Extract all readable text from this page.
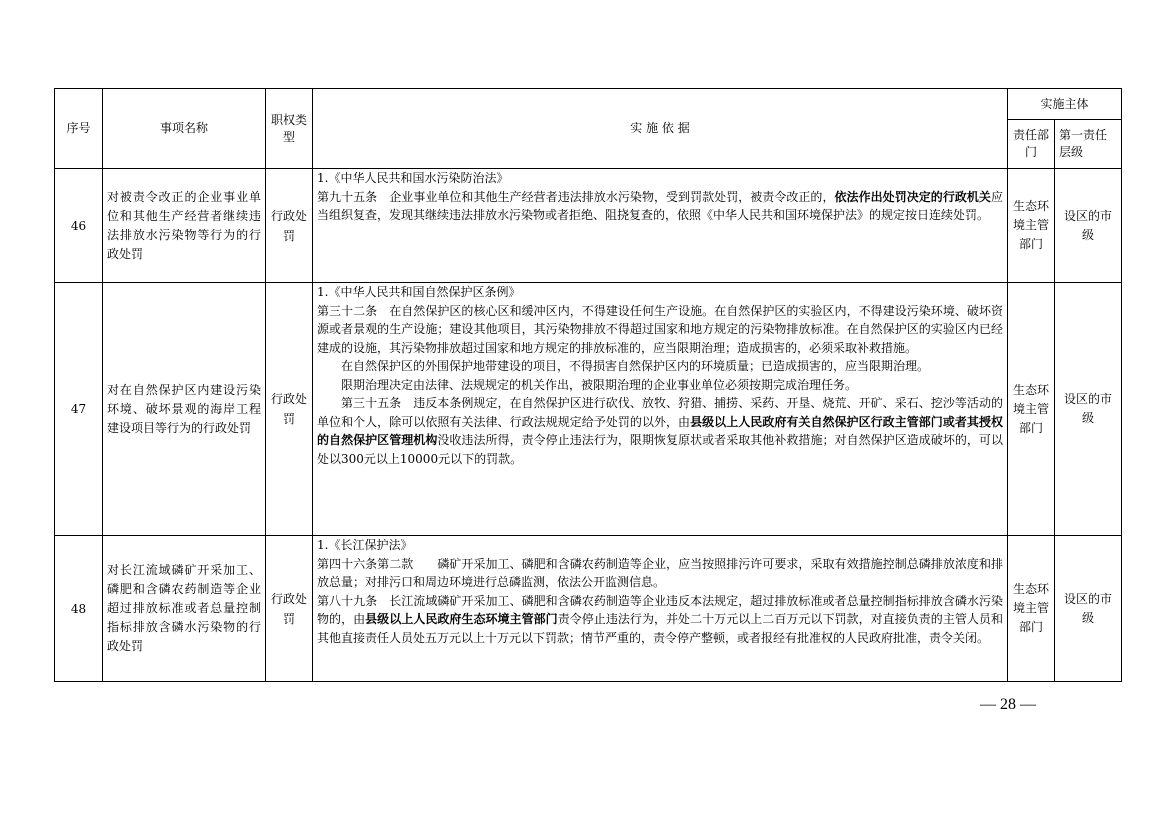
序号	事项名称	职权类型	实 施 依 据	实施主体	
				责任部门	第一责任层级
46	对被责令改正的企业事业单位和其他生产经营者继续违法排放水污染物等行为的行政处罚	行政处罚	1.《中华人民共和国水污染防治法》

第九十五条　企业事业单位和其他生产经营者违法排放水污染物，受到罚款处罚，被责令改正的，依法作出处罚决定的行政机关应当组织复查，发现其继续违法排放水污染物或者拒绝、阻挠复查的，依照《中华人民共和国环境保护法》的规定按日连续处罚。	生态环境主管部门	设区的市级
47	对在自然保护区内建设污染环境、破坏景观的海岸工程建设项目等行为的行政处罚	行政处罚	1.《中华人民共和国自然保护区条例》

第三十二条　在自然保护区的核心区和缓冲区内，不得建设任何生产设施。在自然保护区的实验区内，不得建设污染环境、破坏资源或者景观的生产设施；建设其他项目，其污染物排放不得超过国家和地方规定的污染物排放标准。在自然保护区的实验区内已经建成的设施，其污染物排放超过国家和地方规定的排放标准的，应当限期治理；造成损害的，必须采取补救措施。

在自然保护区的外围保护地带建设的项目，不得损害自然保护区内的环境质量；已造成损害的，应当限期治理。

限期治理决定由法律、法规规定的机关作出，被限期治理的企业事业单位必须按期完成治理任务。

第三十五条　违反本条例规定，在自然保护区进行砍伐、放牧、狩猎、捕捞、采药、开垦、烧荒、开矿、采石、挖沙等活动的单位和个人，除可以依照有关法律、行政法规规定给予处罚的以外，由县级以上人民政府有关自然保护区行政主管部门或者其授权的自然保护区管理机构没收违法所得，责令停止违法行为，限期恢复原状或者采取其他补救措施；对自然保护区造成破坏的，可以处以300元以上10000元以下的罚款。	生态环境主管部门	设区的市级
48	对长江流域磷矿开采加工、磷肥和含磷农药制造等企业超过排放标准或者总量控制指标排放含磷水污染物的行政处罚	行政处罚	1.《长江保护法》

第四十六条第二款　　磷矿开采加工、磷肥和含磷农药制造等企业，应当按照排污许可要求，采取有效措施控制总磷排放浓度和排放总量；对排污口和周边环境进行总磷监测，依法公开监测信息。

第八十九条　长江流域磷矿开采加工、磷肥和含磷农药制造等企业违反本法规定，超过排放标准或者总量控制指标排放含磷水污染物的，由县级以上人民政府生态环境主管部门责令停止违法行为，并处二十万元以上二百万元以下罚款，对直接负责的主管人员和其他直接责任人员处五万元以上十万元以下罚款；情节严重的，责令停产整顿，或者报经有批准权的人民政府批准，责令关闭。	生态环境主管部门	设区的市级
— 28 —
